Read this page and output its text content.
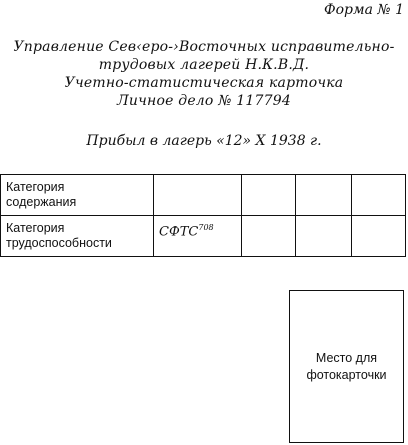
Форма № 1
Управление Сев‹еро-›Восточных исправительно-
трудовых лагерей Н.К.В.Д.
Учетно-статистическая карточка
Личное дело № 117794
Прибыл в лагерь «12» X 1938 г.
Категория
содержания				

Категория
трудоспособности	СФТС$^{708}$			
Место для
фотокарточки
